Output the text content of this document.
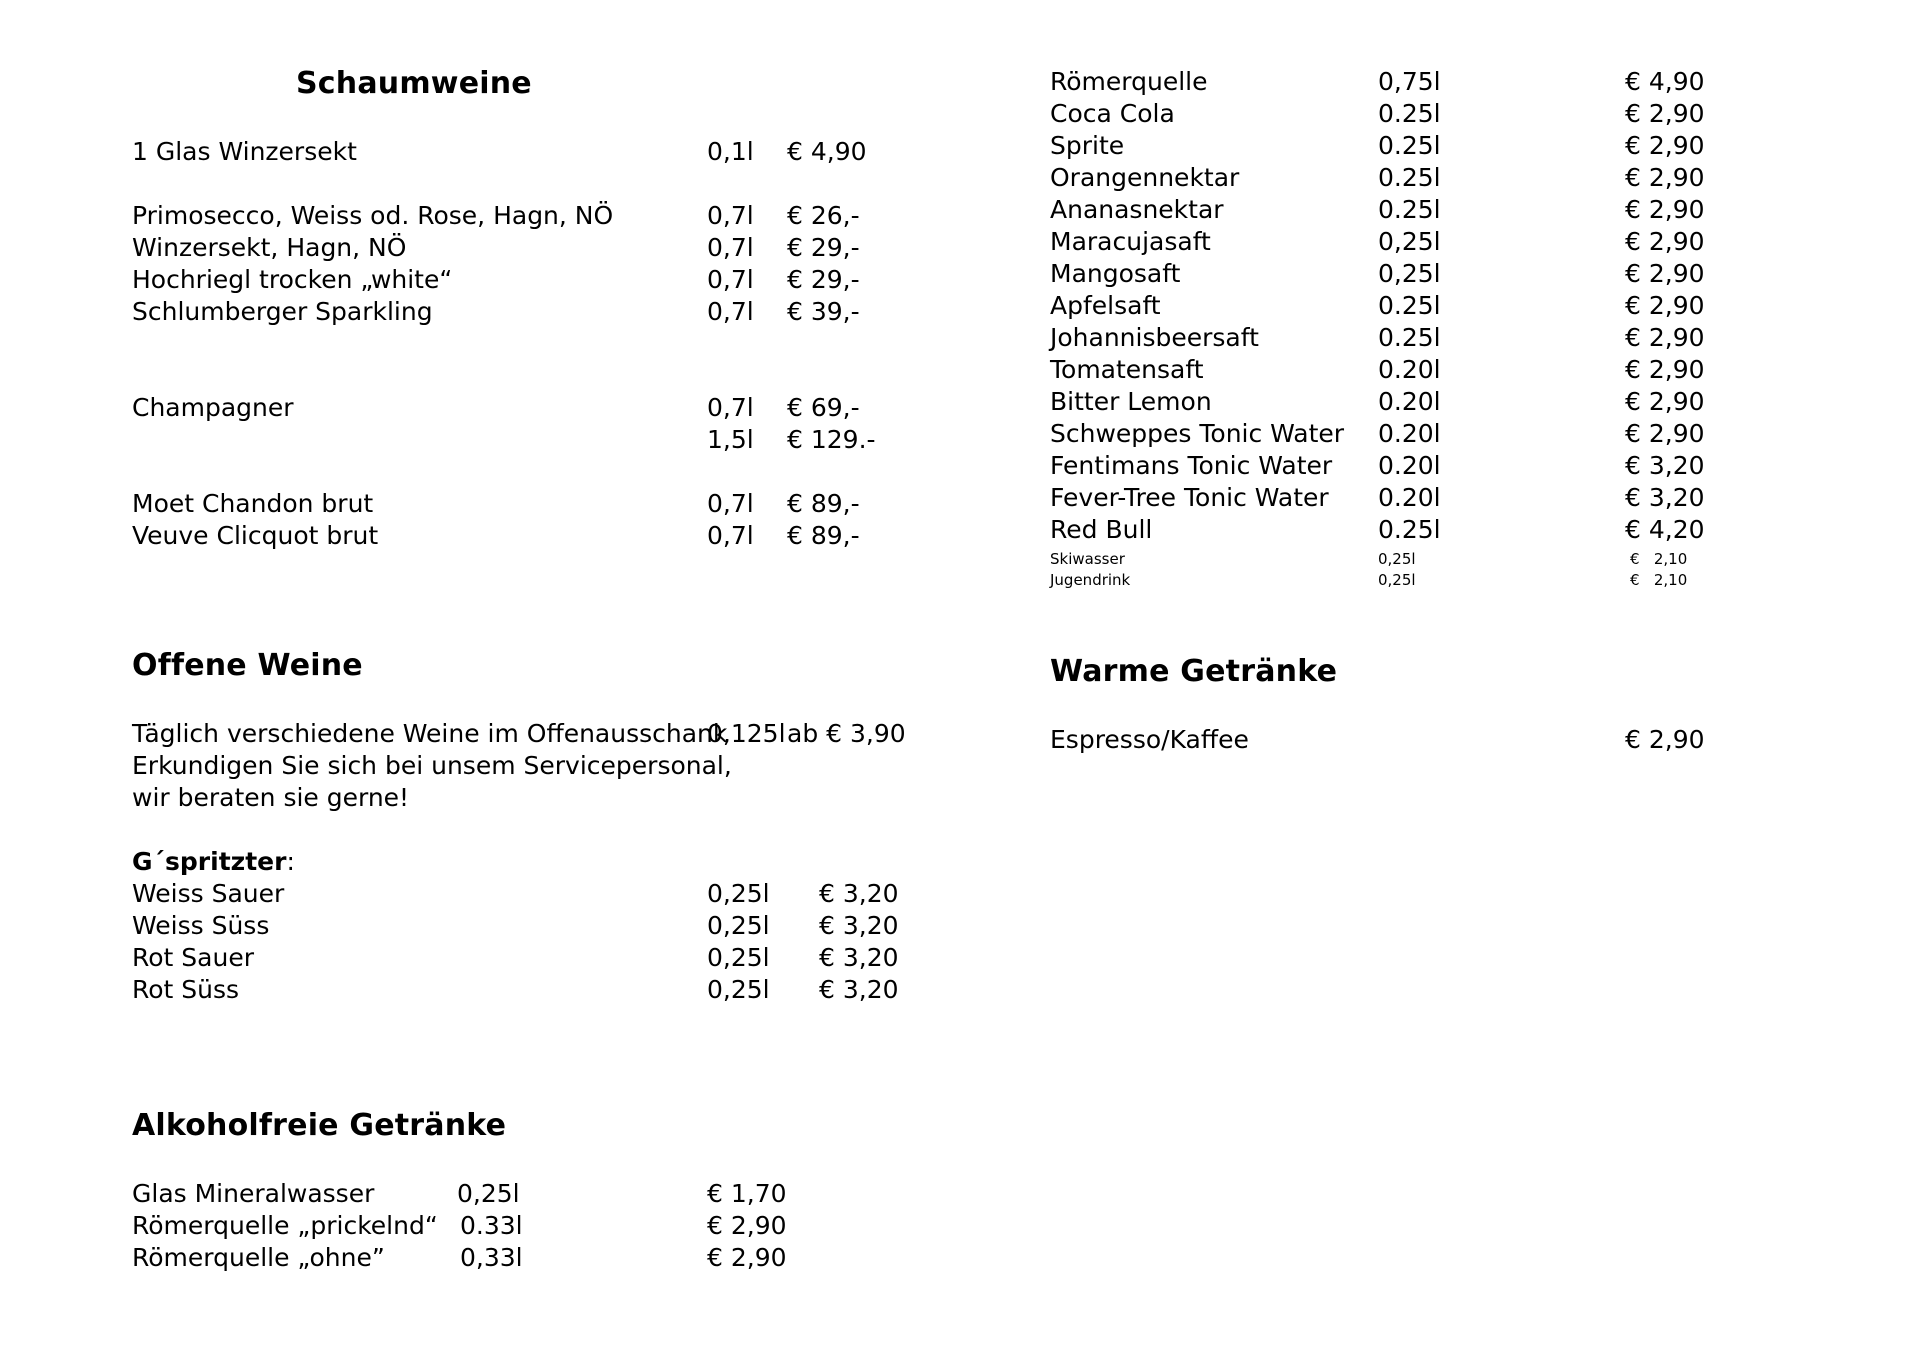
Schaumweine
1 Glas Winzersekt	0,1l € 4,90
Primosecco, Weiss od. Rose, Hagn, NÖ	0,7l € 26,-
Winzersekt, Hagn, NÖ	0,7l € 29,-
Hochriegl trocken „white“	0,7l € 29,-
Schlumberger Sparkling	0,7l € 39,-
Champagner	0,7l € 69,-
1,5l € 129.-
Moet Chandon brut	0,7l € 89,-
Veuve Clicquot brut	0,7l € 89,-
Offene Weine
Täglich verschiedene Weine im Offenausschank
0,125l ab € 3,90
Erkundigen Sie sich bei unsem Servicepersonal,
wir beraten sie gerne!
G´spritzter:
Weiss Sauer	0,25l € 3,20
Weiss Süss	0,25l € 3,20
Rot Sauer	0,25l € 3,20
Rot Süss	0,25l € 3,20
Alkoholfreie Getränke
Glas Mineralwasser	0,25l	€ 1,70
Römerquelle „prickelnd“ 0.33l	€ 2,90
Römerquelle „ohne”	0,33l	€ 2,90
Römerquelle	0,75l	€ 4,90
Coca Cola	0.25l	€ 2,90
Sprite	0.25l	€ 2,90
Orangennektar	0.25l	€ 2,90
Ananasnektar	0.25l	€ 2,90
Maracujasaft	0,25l	€ 2,90
Mangosaft	0,25l	€ 2,90
Apfelsaft	0.25l	€ 2,90
Johannisbeersaft	0.25l	€ 2,90
Tomatensaft	0.20l	€ 2,90
Bitter Lemon	0.20l	€ 2,90
Schweppes Tonic Water 0.20l	€ 2,90
Fentimans Tonic Water 0.20l	€ 3,20
Fever-Tree Tonic Water 0.20l	€ 3,20
Red Bull	0.25l	€ 4,20
Skiwasser	0,25l	€   2,10
Jugendrink	0,25l	€   2,10
Warme Getränke
Espresso/Kaffee	€ 2,90
